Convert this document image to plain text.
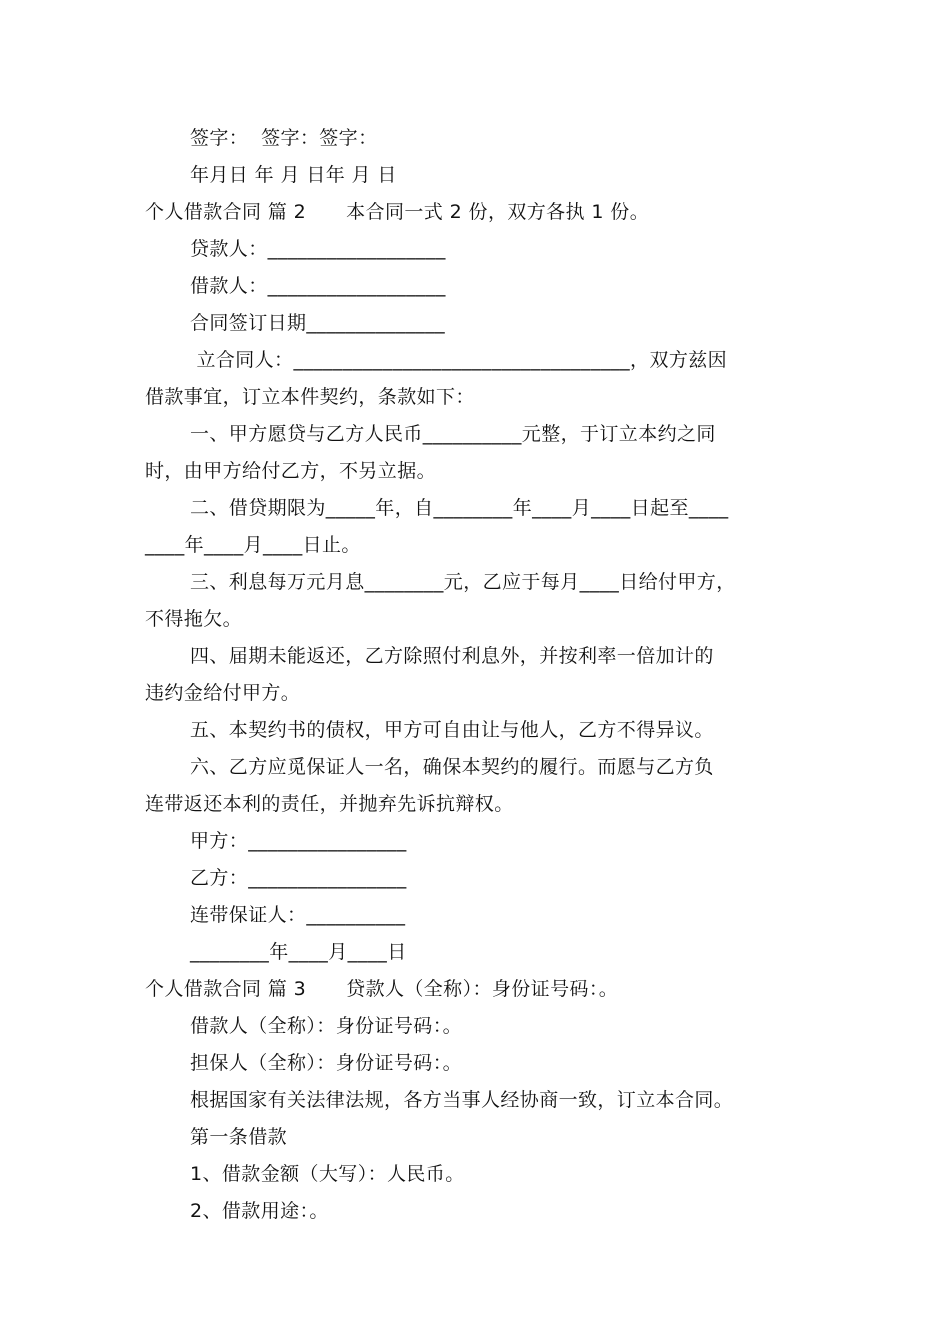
签字：  签字：签字：
年月日 年 月 日年 月 日
个人借款合同 篇 2 本合同一式 2 份，双方各执 1 份。
贷款人：__________________
借款人：__________________
合同签订日期______________
立合同人：__________________________________，双方兹因
借款事宜，订立本件契约，条款如下：
一、甲方愿贷与乙方人民币__________元整，于订立本约之同
时，由甲方给付乙方，不另立据。
二、借贷期限为_____年，自________年____月____日起至____
____年____月____日止。
三、利息每万元月息________元，乙应于每月____日给付甲方，
不得拖欠。
四、届期未能返还，乙方除照付利息外，并按利率一倍加计的
违约金给付甲方。
五、本契约书的债权，甲方可自由让与他人，乙方不得异议。
六、乙方应觅保证人一名，确保本契约的履行。而愿与乙方负
连带返还本利的责任，并抛弃先诉抗辩权。
甲方：________________
乙方：________________
连带保证人：__________
________年____月____日
个人借款合同 篇 3 贷款人（全称）：身份证号码：。
借款人（全称）：身份证号码：。
担保人（全称）：身份证号码：。
根据国家有关法律法规，各方当事人经协商一致，订立本合同。
第一条借款
1、借款金额（大写）：人民币。
2、借款用途：。
